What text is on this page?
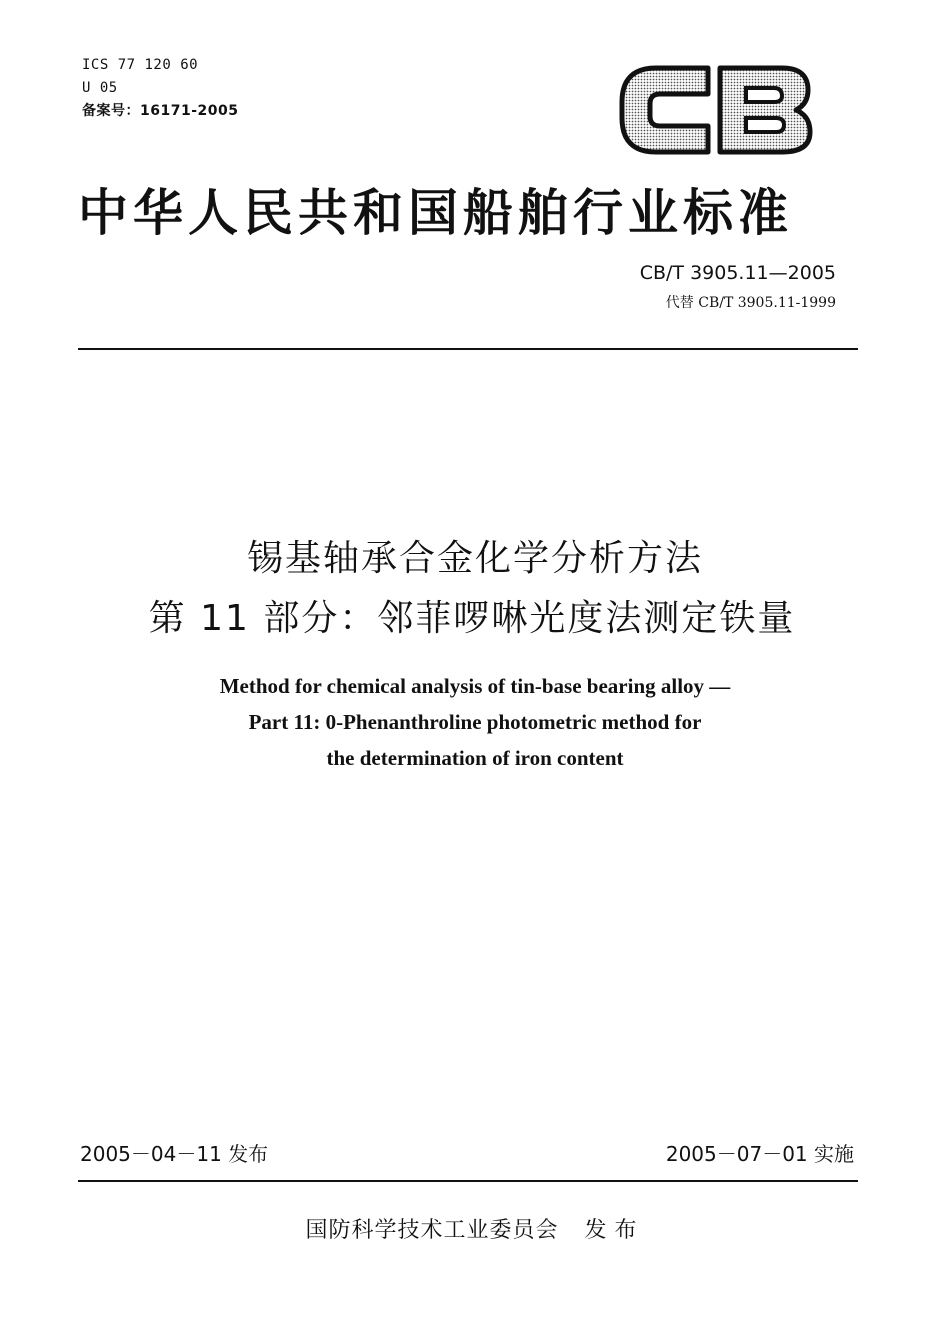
ICS 77 120 60
U 05
备案号：16171-2005
中华人民共和国船舶行业标准
CB/T 3905.11—2005
代替 CB/T 3905.11-1999
锡基轴承合金化学分析方法
第 11 部分：邻菲啰啉光度法测定铁量
Method for chemical analysis of tin-base bearing alloy —
Part 11: 0-Phenanthroline photometric method for
the determination of iron content
2005－04－11 发布	2005－07－01 实施
国防科学技术工业委员会 发布
